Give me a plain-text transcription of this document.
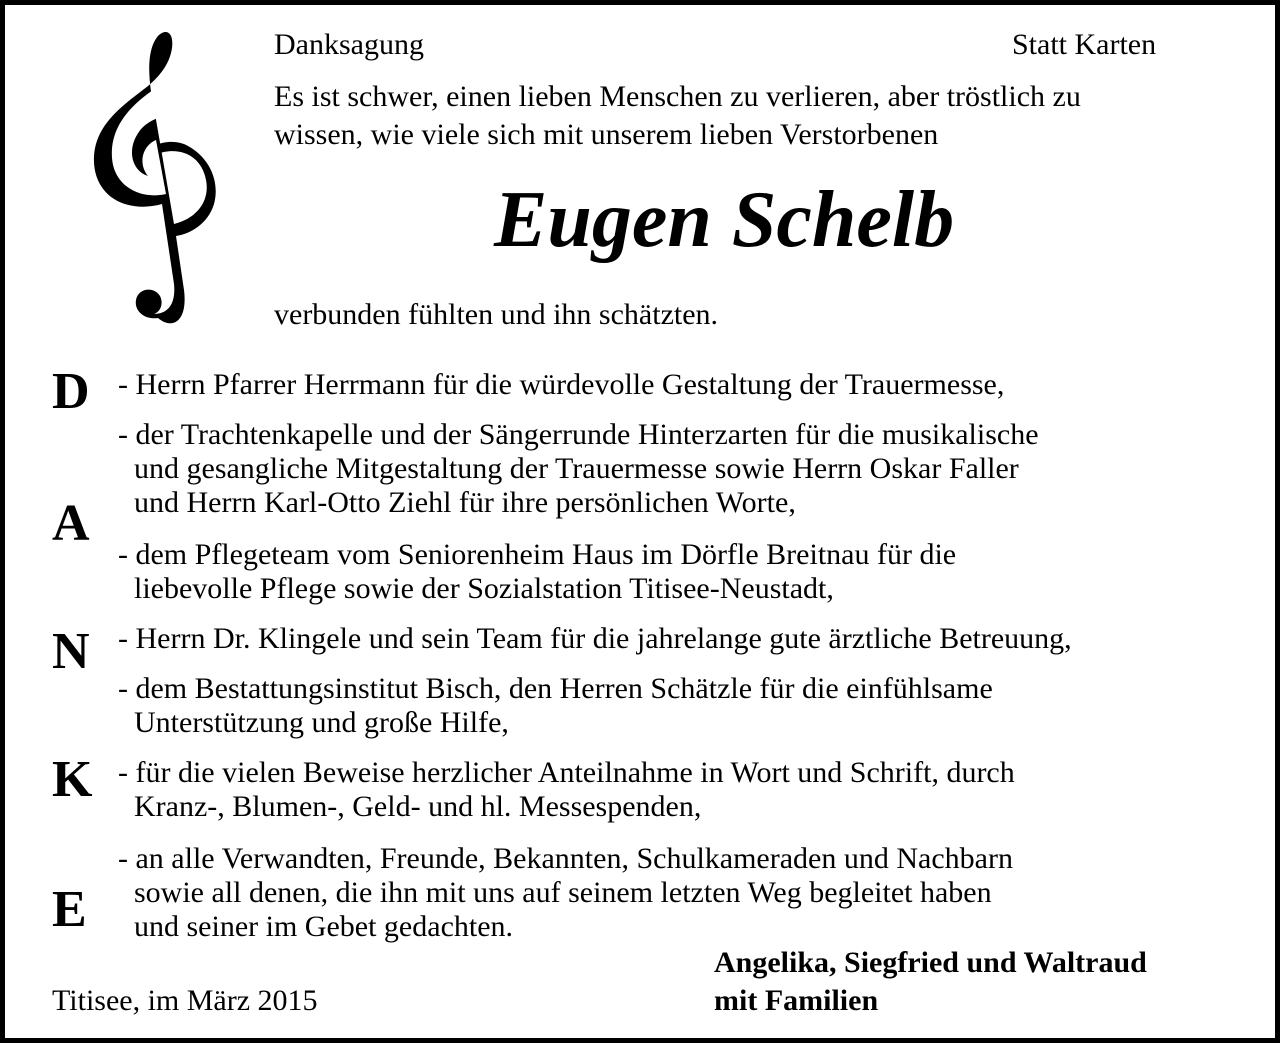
Danksagung	Statt Karten
Es ist schwer, einen lieben Menschen zu verlieren, aber tröstlich zu
wissen, wie viele sich mit unserem lieben Verstorbenen
Eugen Schelb
verbunden fühlten und ihn schätzten.
D
A
N
K
E
- Herrn Pfarrer Herrmann für die würdevolle Gestaltung der Trauermesse,
- der Trachtenkapelle und der Sängerrunde Hinterzarten für die musikalische
und gesangliche Mitgestaltung der Trauermesse sowie Herrn Oskar Faller
und Herrn Karl-Otto Ziehl für ihre persönlichen Worte,
- dem Pflegeteam vom Seniorenheim Haus im Dörfle Breitnau für die
liebevolle Pflege sowie der Sozialstation Titisee-Neustadt,
- Herrn Dr. Klingele und sein Team für die jahrelange gute ärztliche Betreuung,
- dem Bestattungsinstitut Bisch, den Herren Schätzle für die einfühlsame
Unterstützung und große Hilfe,
- für die vielen Beweise herzlicher Anteilnahme in Wort und Schrift, durch
Kranz-, Blumen-, Geld- und hl. Messespenden,
- an alle Verwandten, Freunde, Bekannten, Schulkameraden und Nachbarn
sowie all denen, die ihn mit uns auf seinem letzten Weg begleitet haben
und seiner im Gebet gedachten.
Titisee, im März 2015
Angelika, Siegfried und Waltraud
mit Familien
